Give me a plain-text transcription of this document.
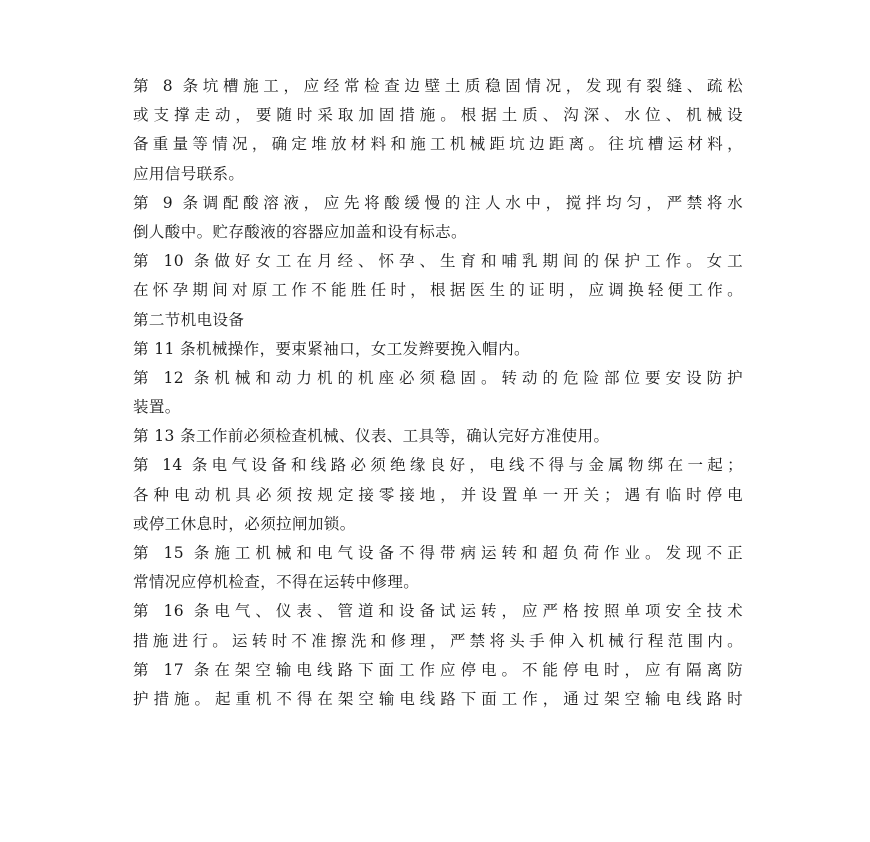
第 8 条坑槽施工，应经常检查边壁土质稳固情况，发现有裂缝、疏松
或支撑走动，要随时采取加固措施。根据土质、沟深、水位、机械设
备重量等情况，确定堆放材料和施工机械距坑边距离。往坑槽运材料，
应用信号联系。
第 9 条调配酸溶液，应先将酸缓慢的注人水中，搅拌均匀，严禁将水
倒人酸中。贮存酸液的容器应加盖和设有标志。
第 10 条做好女工在月经、怀孕、生育和哺乳期间的保护工作。女工
在怀孕期间对原工作不能胜任时，根据医生的证明，应调换轻便工作。
第二节机电设备
第 11 条机械操作，要束紧袖口，女工发辫要挽入帽内。
第 12 条机械和动力机的机座必须稳固。转动的危险部位要安设防护
装置。
第 13 条工作前必须检查机械、仪表、工具等，确认完好方准使用。
第 14 条电气设备和线路必须绝缘良好，电线不得与金属物绑在一起；
各种电动机具必须按规定接零接地，并设置单一开关；遇有临时停电
或停工休息时，必须拉闸加锁。
第 15 条施工机械和电气设备不得带病运转和超负荷作业。发现不正
常情况应停机检查，不得在运转中修理。
第 16 条电气、仪表、管道和设备试运转，应严格按照单项安全技术
措施进行。运转时不准擦洗和修理，严禁将头手伸入机械行程范围内。
第 17 条在架空输电线路下面工作应停电。不能停电时，应有隔离防
护措施。起重机不得在架空输电线路下面工作，通过架空输电线路时
